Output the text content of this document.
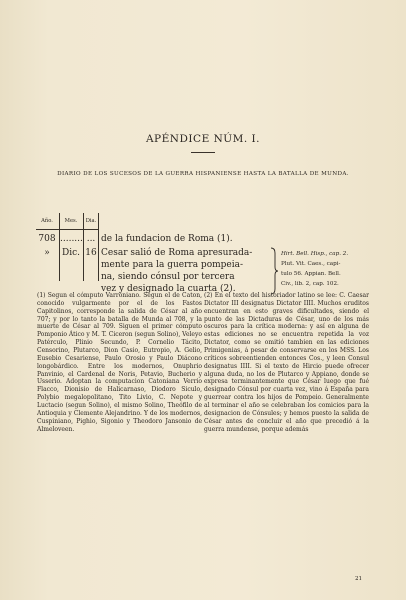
APÉNDICE NÚM. I.
DIARIO DE LOS SUCESOS DE LA GUERRA HISPANIENSE HASTA LA BATALLA DE MUNDA.
Año.	Mes.	Dia.
708 ........ ... de la fundacion de Roma (1).
»	Dic. 16 Cesar salió de Roma apresurada-
mente para la guerra pompeia-
na, siendo cónsul por tercera
vez y designado la cuarta (2).
Hirt. Bell. Hisp., cap. 2.
Plut. Vit. Caes., capi-
tulo 56. Appian. Bell.
Civ., lib. 2, cap. 102.

(1) Segun el cómputo Varroniano. Segun el de Caton, conocido vulgarmente por el de los Fastos Capitolinos, corresponde la salida de César al año 707; y por lo tanto la batalla de Munda al 708, y la muerte de César al 709. Siguen el primer cómputo Pomponio Ático y M. T. Ciceron (segun Solino), Veleyo Patérculo, Plinio Secundo, P. Cornelio Tácito, Censorino, Plutarco, Dion Casio, Eutropio, A. Gelio, Eusebio Cesariense, Paulo Orosio y Paulo Diácono longobárdico. Entre los modernos, Onuphrio Panvinio, el Cardenal de Noris, Petavio, Bucherio y Usserio. Adoptan la computacion Catoniana Verrio Flacco, Dionisio de Halicarnaso, Diodoro Siculo, Polybio megalopolitano, Tito Livio, C. Nepote y Luctacio (segun Solino), el mismo Solino, Theófilo de Antioquia y Clemente Alejandrino. Y de los modernos, Cuspiniano, Pighio, Sigonio y Theodoro Jansonio de Almeloveen.

(2) En el texto del historiador latino se lee: C. Caesar Dictator III designatus Dictator IIII. Muchos eruditos encuentran en esto graves dificultades, siendo el punto de las Dictaduras de César, uno de los más oscuros para la crítica moderna: y así en alguna de estas ediciones no se encuentra repetida la voz Dictator, como se omitió tambien en las ediciones Primigenias, á pesar de conservarse en los MSS. Los críticos sobreentienden entonces Cos., y leen Consul designatus IIII. Si el texto de Hircio puede ofrecer alguna duda, no los de Plutarco y Appiano, donde se expresa terminantemente que César luego que fué designado Cónsul por cuarta vez, vino á España para guerrear contra los hijos de Pompeio. Generalmente al terminar el año se celebraban los comicios para la designacion de Cónsules; y hemos puesto la salida de César antes de concluir el año que precedió á la guerra mundense, porque además

21
